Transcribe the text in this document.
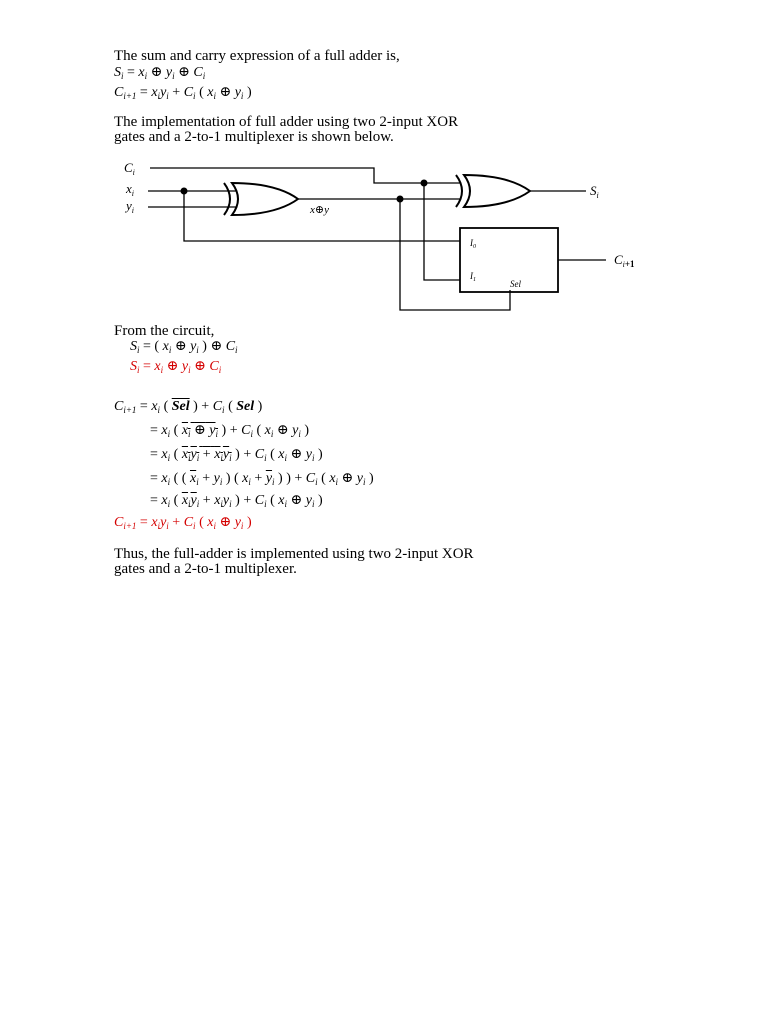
The sum and carry expression of a full adder is,
$S_i = x_i$ ⊕ $y_i$ ⊕ $C_i$
$C_{i+1} = x_iy_i + C_i$ ( $x_i$ ⊕ $y_i$ )
The implementation of full adder using two 2-input XOR
gates and a 2-to-1 multiplexer is shown below.
$C_i$
$x_i$
$y_i$	x⊕y
$S_i$
$C_i+1$
$I_0$
$I_1$	Sel
From the circuit,
$S_i$ = ( $x_i$ ⊕ $y_i$ ) ⊕ $C_i$
$S_i = x_i$ ⊕ $y_i$ ⊕ $C_i$
$C_{i+1} = x_i$ ( $\overline{Sel}$ ) + $C_i$ ( Sel )
= $x_i$ ( $x_i$ ⊕ $y_i$ ) + $C_i$ ( $x_i$ ⊕ $y_i$ )
= $x_i$ ( $x_iy_i + x_iy_i$ ) + $C_i$ ( $x_i$ ⊕ $y_i$ )
= $x_i$ ( ( $\overline{x}_i + y_i$ ) ( $x_i + \overline{y}_i$ ) ) + $C_i$ ( $x_i$ ⊕ $y_i$ )
= $x_i$ ( $\overline{x}_i\overline{y}_i + x_iy_i$ ) + $C_i$ ( $x_i$ ⊕ $y_i$ )
$C_{i+1} = x_iy_i + C_i$ ( $x_i$ ⊕ $y_i$ )
Thus, the full-adder is implemented using two 2-input XOR
gates and a 2-to-1 multiplexer.
